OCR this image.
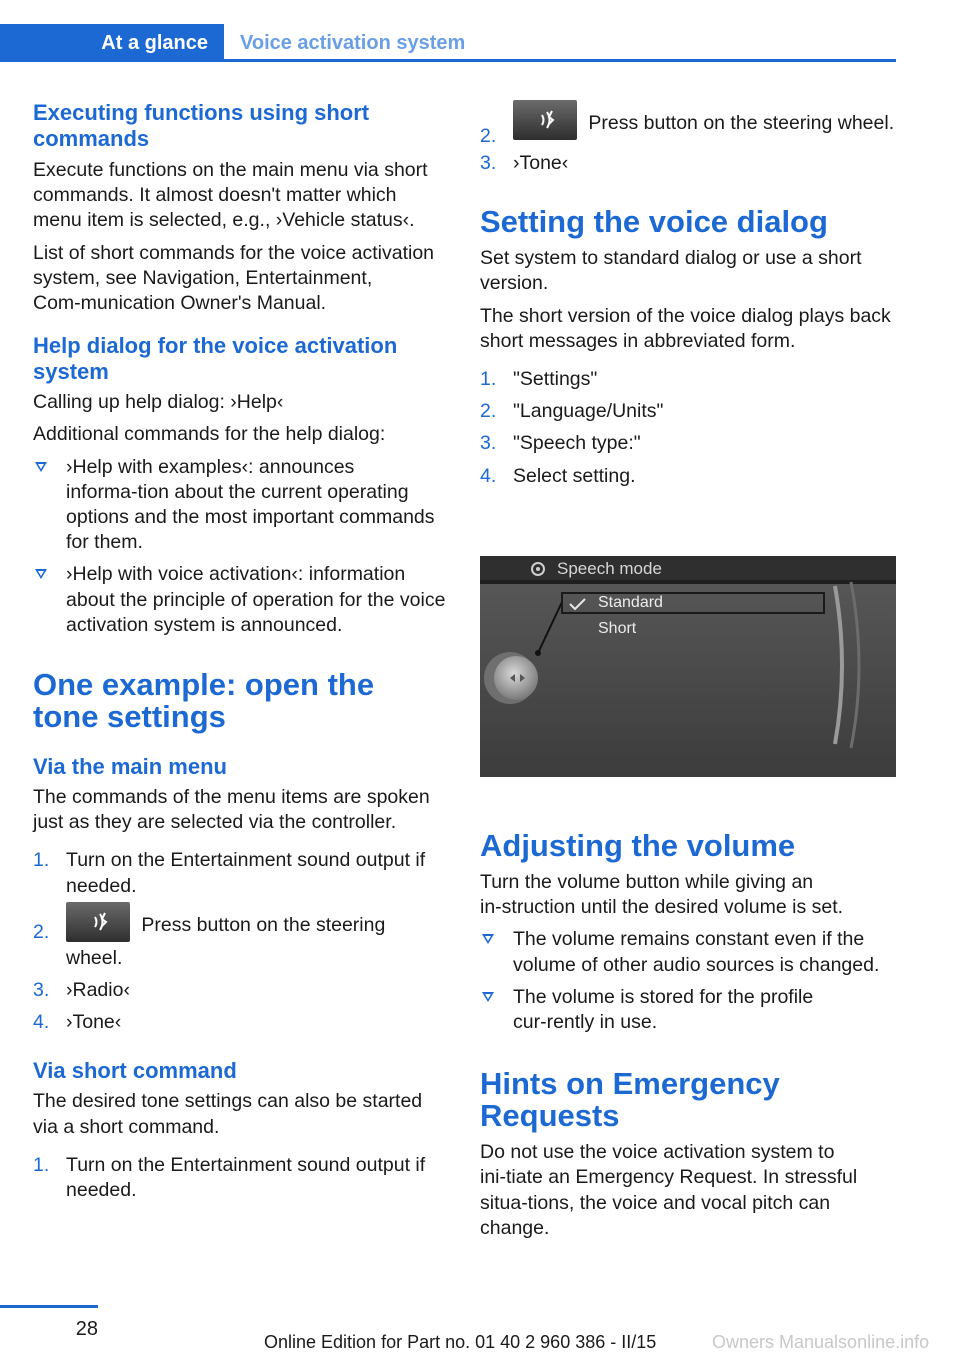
At a glance	Voice activation system
Executing functions using short commands

Execute functions on the main menu via short commands. It almost doesn't matter which menu item is selected, e.g., ›Vehicle status‹.

List of short commands for the voice activation system, see Navigation, Entertainment, Com‑munication Owner's Manual.

Help dialog for the voice activation system

Calling up help dialog: ›Help‹

Additional commands for the help dialog:

›Help with examples‹: announces informa‑tion about the current operating options and the most important commands for them.
›Help with voice activation‹: information about the principle of operation for the voice activation system is announced.
One example: open the tone settings
Via the main menu

The commands of the menu items are spoken just as they are selected via the controller.

1. Turn on the Entertainment sound output if needed.
2.	Press button on the steering wheel.
3. ›Radio‹
4. ›Tone‹
Via short command

The desired tone settings can also be started via a short command.

1. Turn on the Entertainment sound output if needed.
2.
Press button on the steering wheel.
3. ›Tone‹
Setting the voice dialog

Set system to standard dialog or use a short version.

The short version of the voice dialog plays back short messages in abbreviated form.

1. "Settings"
2. "Language/Units"
3. "Speech type:"
4. Select setting.
Speech mode
Standard
Short
Adjusting the volume

Turn the volume button while giving an in‑struction until the desired volume is set.

The volume remains constant even if the volume of other audio sources is changed.
The volume is stored for the profile cur‑rently in use.
Hints on Emergency Requests

Do not use the voice activation system to ini‑tiate an Emergency Request. In stressful situa‑tions, the voice and vocal pitch can change.

28
Online Edition for Part no. 01 40 2 960 386 - II/15	Owners Manualsonline.info
